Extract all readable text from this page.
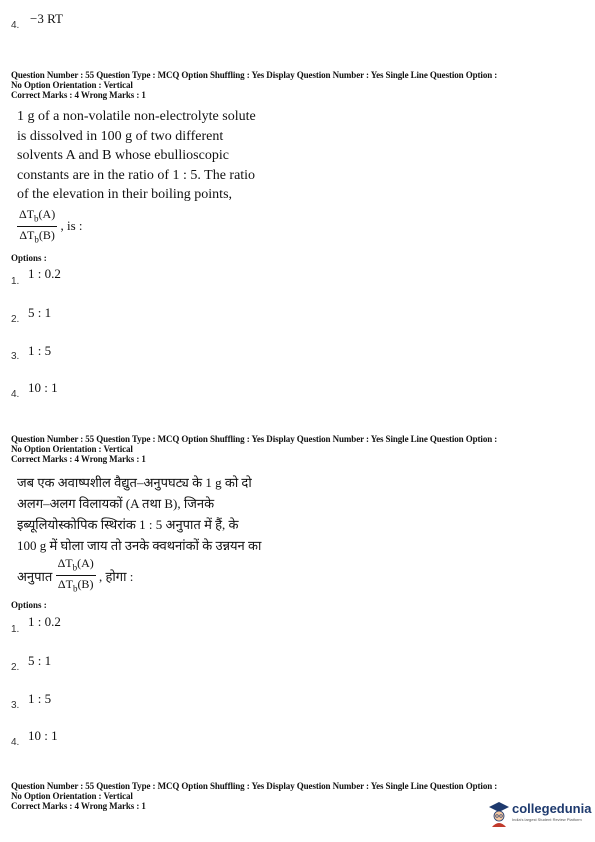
4. −3 RT
Question Number : 55 Question Type : MCQ Option Shuffling : Yes Display Question Number : Yes Single Line Question Option :
No Option Orientation : Vertical
Correct Marks : 4 Wrong Marks : 1
1 g of a non-volatile non-electrolyte solute
is dissolved in 100 g of two different
solvents A and B whose ebullioscopic
constants are in the ratio of 1 : 5. The ratio
of the elevation in their boiling points,
$\frac{\Delta T_b(A)}{\Delta T_b(B)}$ , is :
Options :
1.
1 : 0.2
2. 5 : 1
3. 1 : 5
4. 10 : 1
Question Number : 55 Question Type : MCQ Option Shuffling : Yes Display Question Number : Yes Single Line Question Option :
No Option Orientation : Vertical
Correct Marks : 4 Wrong Marks : 1
जब एक अवाष्पशील वैद्युत–अनुपघट्य के 1 g को दो
अलग–अलग विलायकों (A तथा B), जिनके
इब्यूलियोस्कोपिक स्थिरांक 1 : 5 अनुपात में हैं, के
100 g में घोला जाय तो उनके क्वथनांकों के उन्नयन का
अनुपात $\frac{\Delta T_b(A)}{\Delta T_b(B)}$ , होगा :
Options :
1.
1 : 0.2
2. 5 : 1
3. 1 : 5
4. 10 : 1
Question Number : 55 Question Type : MCQ Option Shuffling : Yes Display Question Number : Yes Single Line Question Option :
No Option Orientation : Vertical
Correct Marks : 4 Wrong Marks : 1	collegedunia
India's largest Student Review Platform
